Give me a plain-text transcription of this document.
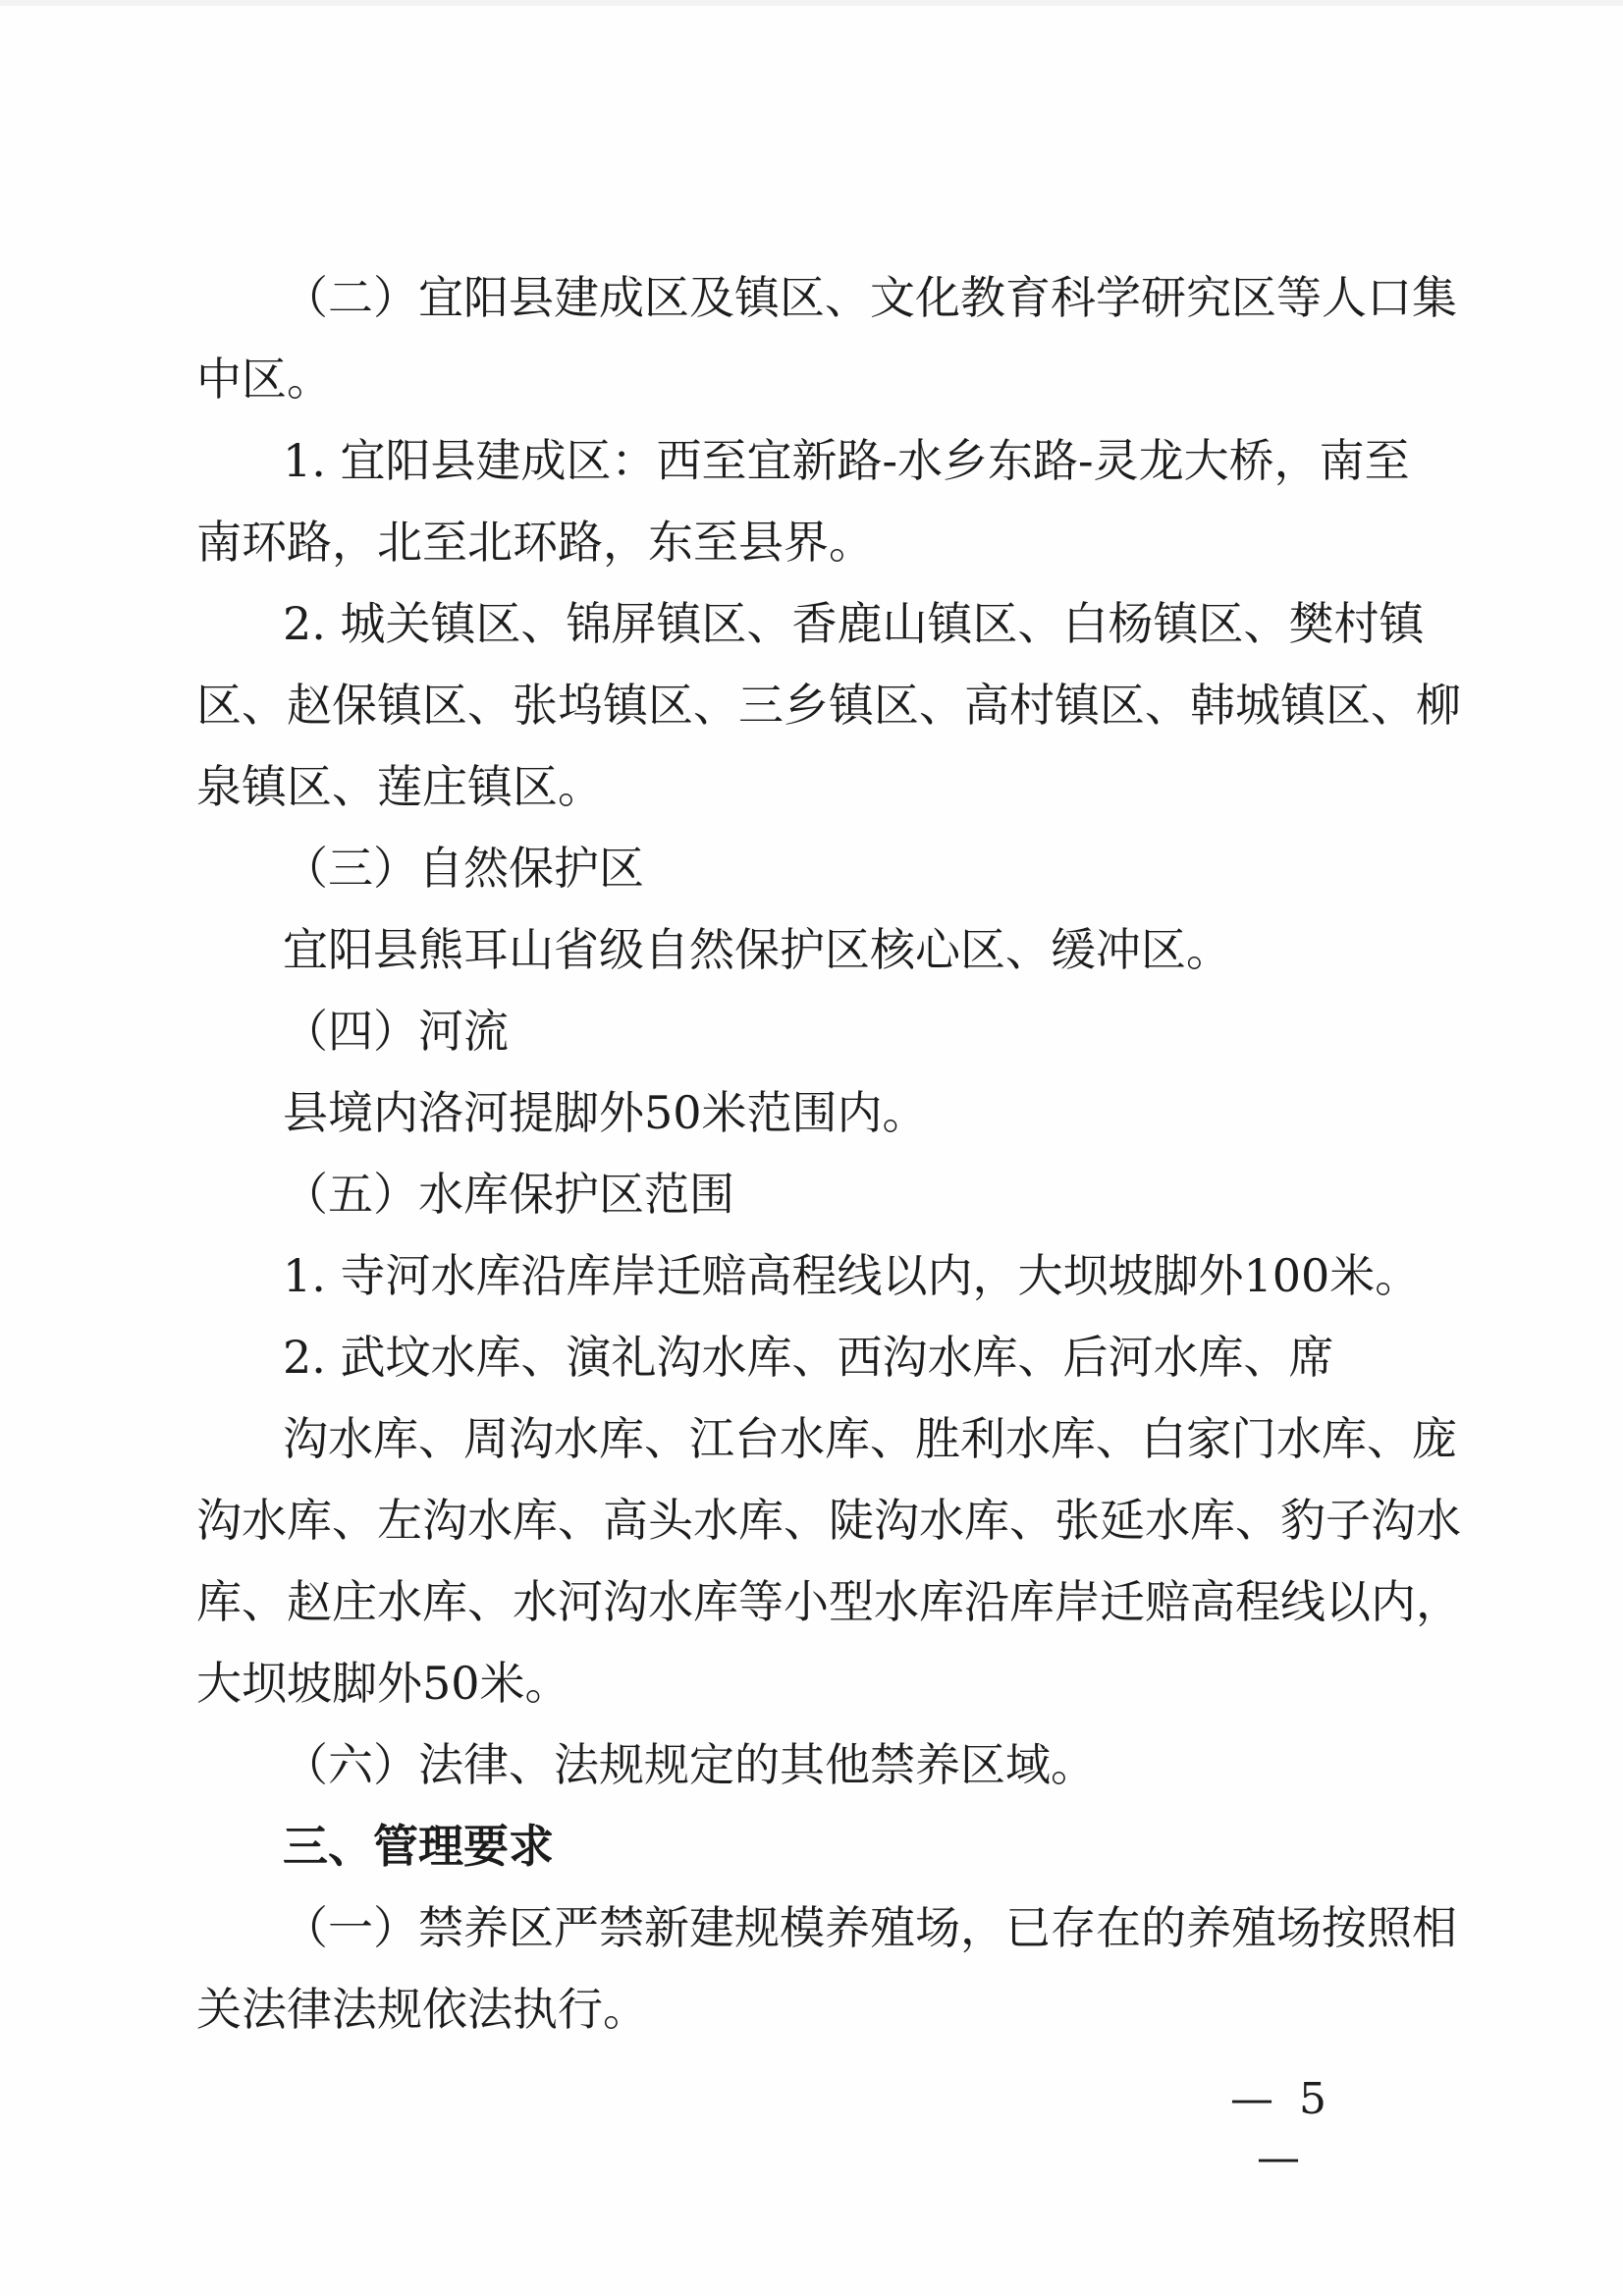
（二）宜阳县建成区及镇区、文化教育科学研究区等人口集
中区。
1. 宜阳县建成区：西至宜新路-水乡东路-灵龙大桥，南至
南环路，北至北环路，东至县界。
2. 城关镇区、锦屏镇区、香鹿山镇区、白杨镇区、樊村镇
区、赵保镇区、张坞镇区、三乡镇区、高村镇区、韩城镇区、柳
泉镇区、莲庄镇区。
（三）自然保护区
宜阳县熊耳山省级自然保护区核心区、缓冲区。
（四）河流
县境内洛河提脚外50米范围内。
（五）水库保护区范围
1. 寺河水库沿库岸迁赔高程线以内，大坝坡脚外100米。
2. 武坟水库、演礼沟水库、西沟水库、后河水库、席
沟水库、周沟水库、江台水库、胜利水库、白家门水库、庞
沟水库、左沟水库、高头水库、陡沟水库、张延水库、豹子沟水
库、赵庄水库、水河沟水库等小型水库沿库岸迁赔高程线以内，
大坝坡脚外50米。
（六）法律、法规规定的其他禁养区域。
三、管理要求
（一）禁养区严禁新建规模养殖场，已存在的养殖场按照相
关法律法规依法执行。
— 5 —
